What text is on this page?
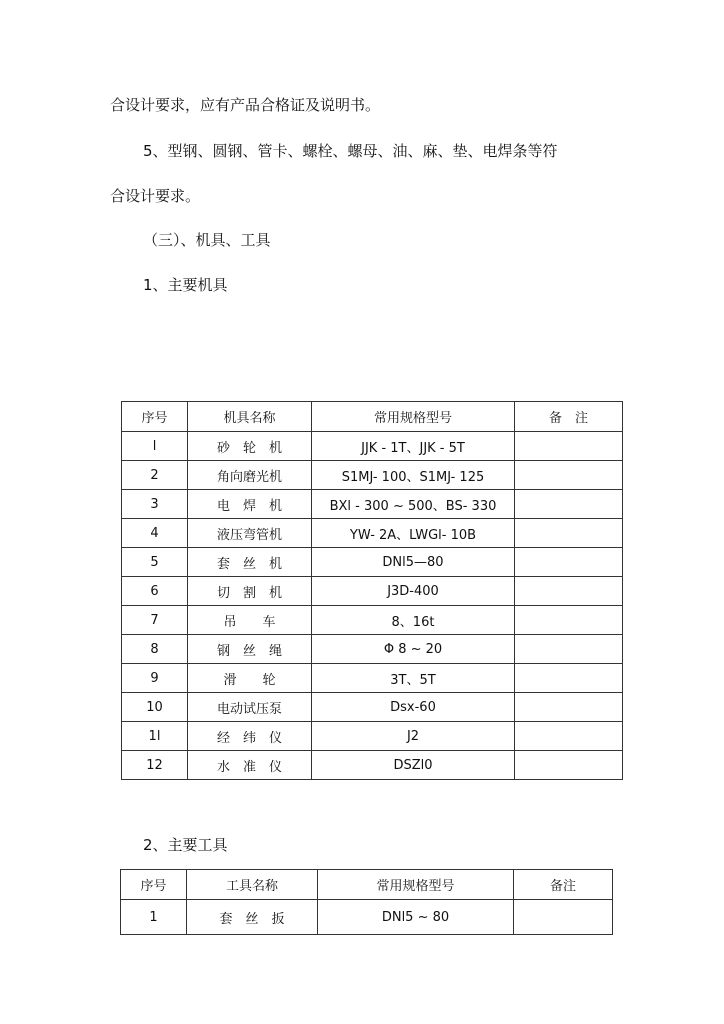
合设计要求，应有产品合格证及说明书。
5、型钢、圆钢、管卡、螺栓、螺母、油、麻、垫、电焊条等符
合设计要求。
（三）、机具、工具
1、主要机具
序号	机具名称	常用规格型号	备　注
l	砂　轮　机	JJK - 1T、JJK - 5T	
2	角向磨光机	S1MJ- 100、S1MJ- 125	
3	电　焊　机	BXl - 300 ~ 500、BS- 330	
4	液压弯管机	YW- 2A、LWGl- 10B	
5	套　丝　机	DNl5—80	
6	切　割　机	J3D-400	
7	吊　　车	8、16t	
8	钢　丝　绳	Φ 8 ~ 20	
9	滑　　轮	3T、5T	
10	电动试压泵	Dsx-60	
1l	经　纬　仪	J2	
12	水　准　仪	DSZl0	
2、主要工具
序号	工具名称	常用规格型号	备注
1	套　丝　扳	DNl5 ~ 80	
